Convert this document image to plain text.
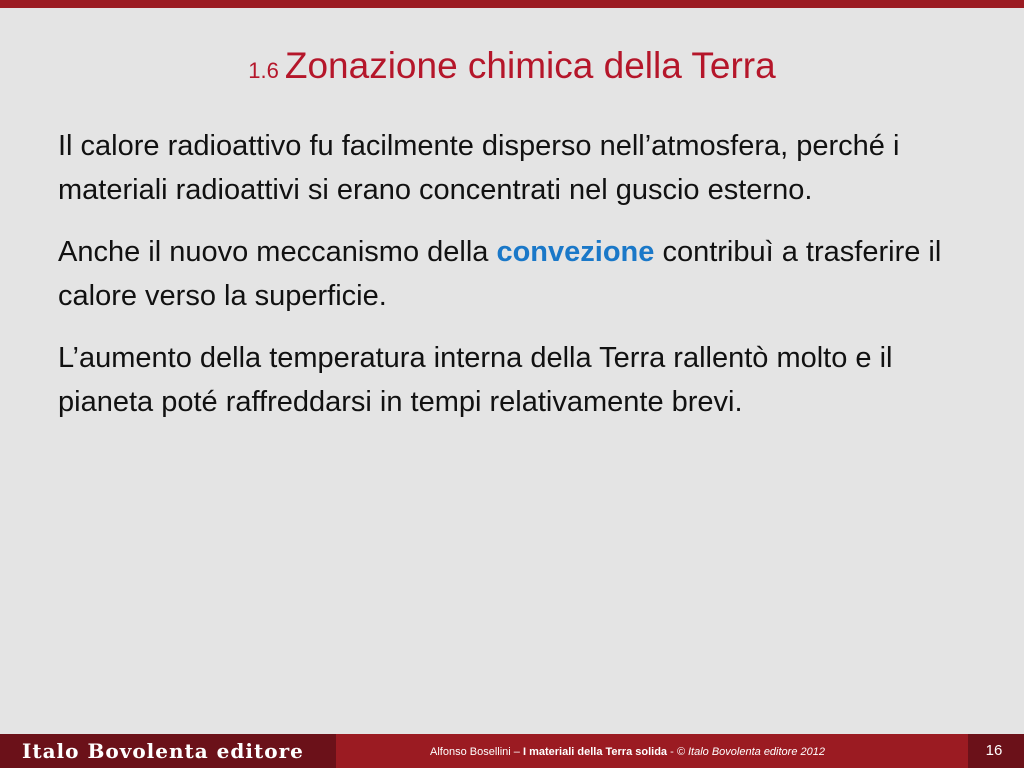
1.6 Zonazione chimica della Terra

Il calore radioattivo fu facilmente disperso nell’atmosfera, perché i materiali radioattivi si erano concentrati nel guscio esterno.

Anche il nuovo meccanismo della convezione contribuì a trasferire il calore verso la superficie.

L’aumento della temperatura interna della Terra rallentò molto e il pianeta poté raffreddarsi in tempi relativamente brevi.

Italo Bovolenta editore	Alfonso Bosellini – I materiali della Terra solida - © Italo Bovolenta editore 2012	16
